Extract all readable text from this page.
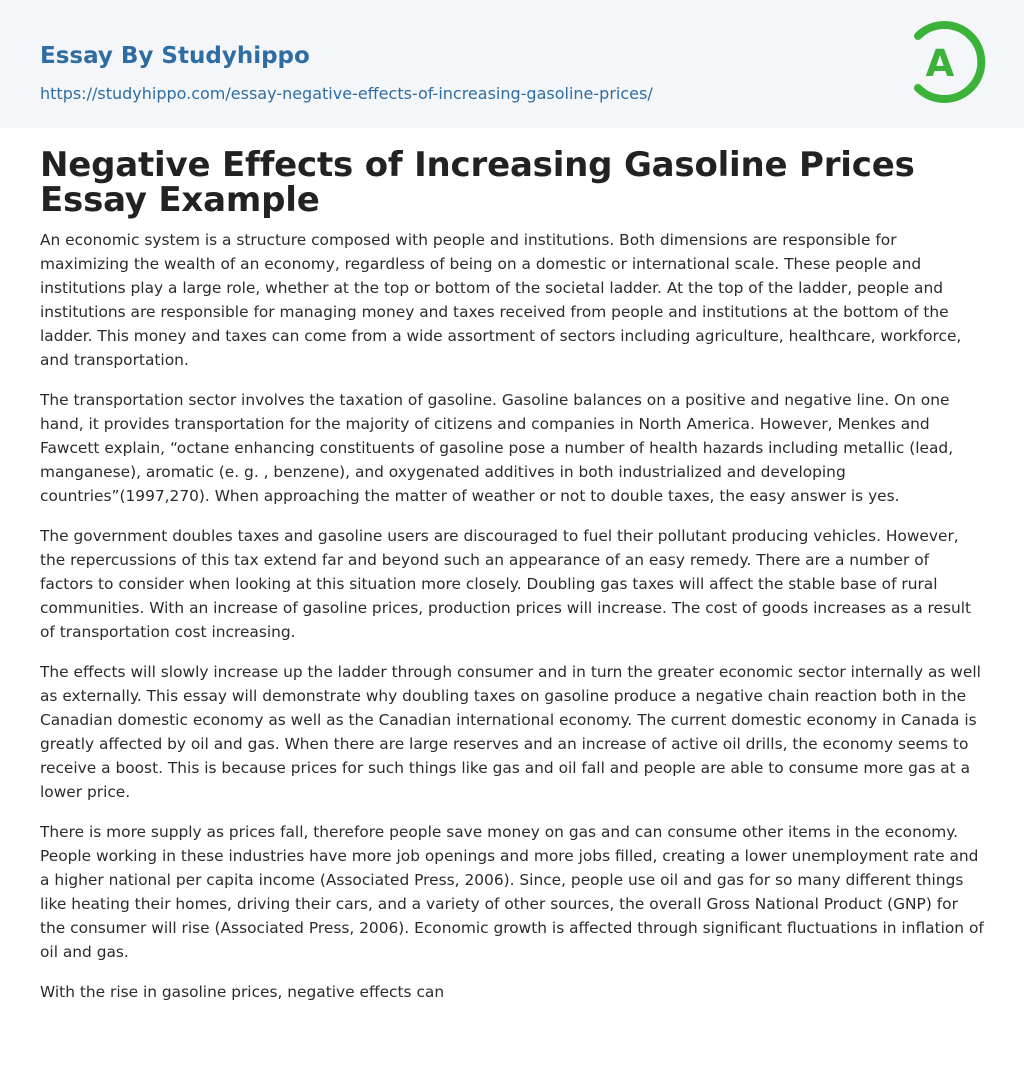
Essay By Studyhippo
https://studyhippo.com/essay-negative-effects-of-increasing-gasoline-prices/
A
Negative Effects of Increasing Gasoline Prices Essay Example

An economic system is a structure composed with people and institutions. Both dimensions are responsible for maximizing the wealth of an economy, regardless of being on a domestic or international scale. These people and institutions play a large role, whether at the top or bottom of the societal ladder. At the top of the ladder, people and institutions are responsible for managing money and taxes received from people and institutions at the bottom of the ladder. This money and taxes can come from a wide assortment of sectors including agriculture, healthcare, workforce, and transportation.

The transportation sector involves the taxation of gasoline. Gasoline balances on a positive and negative line. On one hand, it provides transportation for the majority of citizens and companies in North America. However, Menkes and Fawcett explain, “octane enhancing constituents of gasoline pose a number of health hazards including metallic (lead, manganese), aromatic (e. g. , benzene), and oxygenated additives in both industrialized and developing countries”(1997,270). When approaching the matter of weather or not to double taxes, the easy answer is yes.

The government doubles taxes and gasoline users are discouraged to fuel their pollutant producing vehicles. However, the repercussions of this tax extend far and beyond such an appearance of an easy remedy. There are a number of factors to consider when looking at this situation more closely. Doubling gas taxes will affect the stable base of rural communities. With an increase of gasoline prices, production prices will increase. The cost of goods increases as a result of transportation cost increasing.

The effects will slowly increase up the ladder through consumer and in turn the greater economic sector internally as well as externally. This essay will demonstrate why doubling taxes on gasoline produce a negative chain reaction both in the Canadian domestic economy as well as the Canadian international economy. The current domestic economy in Canada is greatly affected by oil and gas. When there are large reserves and an increase of active oil drills, the economy seems to receive a boost. This is because prices for such things like gas and oil fall and people are able to consume more gas at a lower price.

There is more supply as prices fall, therefore people save money on gas and can consume other items in the economy. People working in these industries have more job openings and more jobs filled, creating a lower unemployment rate and a higher national per capita income (Associated Press, 2006). Since, people use oil and gas for so many different things like heating their homes, driving their cars, and a variety of other sources, the overall Gross National Product (GNP) for the consumer will rise (Associated Press, 2006). Economic growth is affected through significant fluctuations in inflation of oil and gas.

With the rise in gasoline prices, negative effects can
